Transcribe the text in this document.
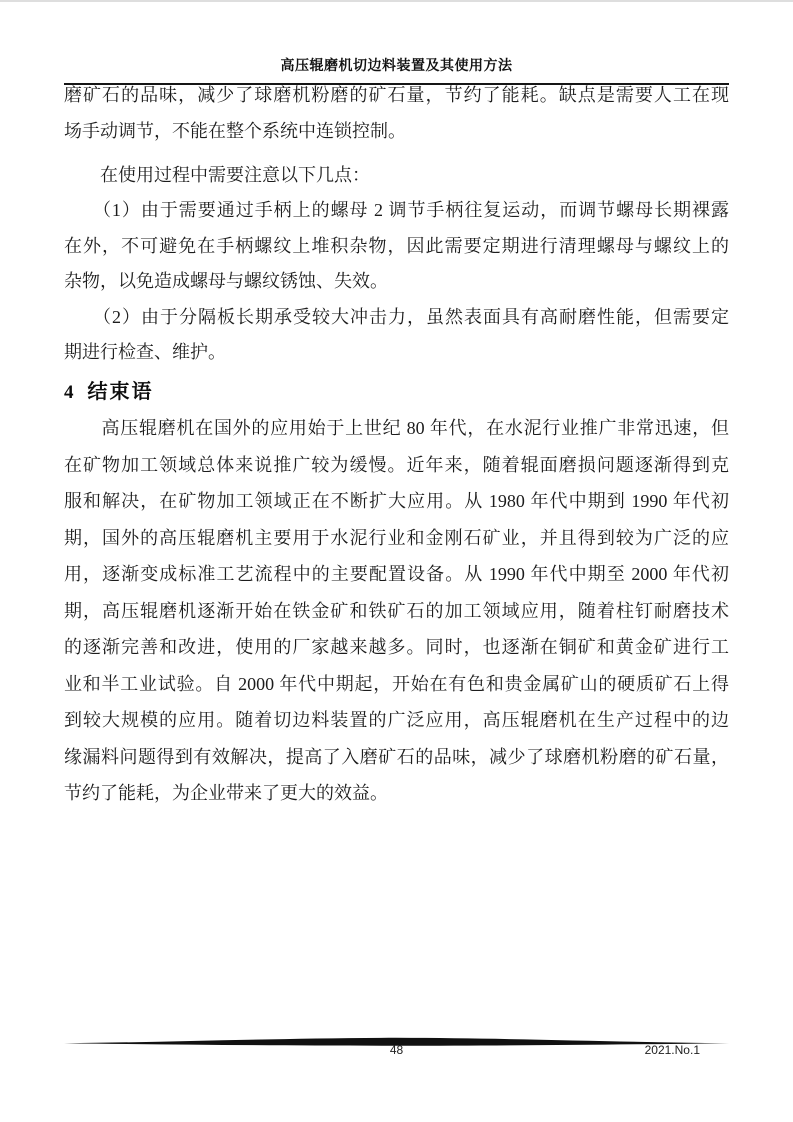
高压辊磨机切边料装置及其使用方法
磨矿石的品味，减少了球磨机粉磨的矿石量，节约了能耗。缺点是需要人工在现
场手动调节，不能在整个系统中连锁控制。
　　在使用过程中需要注意以下几点：
　　（1）由于需要通过手柄上的螺母 2 调节手柄往复运动，而调节螺母长期裸露
在外，不可避免在手柄螺纹上堆积杂物，因此需要定期进行清理螺母与螺纹上的
杂物，以免造成螺母与螺纹锈蚀、失效。
　　（2）由于分隔板长期承受较大冲击力，虽然表面具有高耐磨性能，但需要定
期进行检查、维护。
4 结束语
　　高压辊磨机在国外的应用始于上世纪 80 年代，在水泥行业推广非常迅速，但
在矿物加工领域总体来说推广较为缓慢。近年来，随着辊面磨损问题逐渐得到克
服和解决，在矿物加工领域正在不断扩大应用。从 1980 年代中期到 1990 年代初
期，国外的高压辊磨机主要用于水泥行业和金刚石矿业，并且得到较为广泛的应
用，逐渐变成标准工艺流程中的主要配置设备。从 1990 年代中期至 2000 年代初
期，高压辊磨机逐渐开始在铁金矿和铁矿石的加工领域应用，随着柱钉耐磨技术
的逐渐完善和改进，使用的厂家越来越多。同时，也逐渐在铜矿和黄金矿进行工
业和半工业试验。自 2000 年代中期起，开始在有色和贵金属矿山的硬质矿石上得
到较大规模的应用。随着切边料装置的广泛应用，高压辊磨机在生产过程中的边
缘漏料问题得到有效解决，提高了入磨矿石的品味，减少了球磨机粉磨的矿石量，
节约了能耗，为企业带来了更大的效益。
48	2021.No.1
